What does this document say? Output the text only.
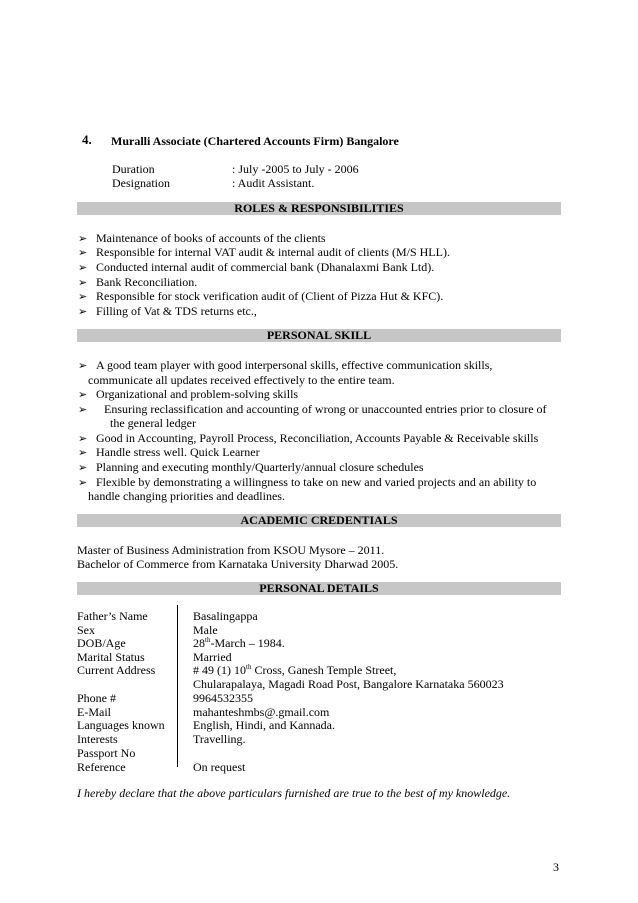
4. Muralli Associate (Chartered Accounts Firm) Bangalore
Duration	: July -2005 to July - 2006
Designation	: Audit Assistant.
ROLES & RESPONSIBILITIES
➢ Maintenance of books of accounts of the clients
➢ Responsible for internal VAT audit & internal audit of clients (M/S HLL).
➢ Conducted internal audit of commercial bank (Dhanalaxmi Bank Ltd).
➢ Bank Reconciliation.
➢ Responsible for stock verification audit of (Client of Pizza Hut & KFC).
➢ Filling of Vat & TDS returns etc.,
PERSONAL SKILL
➢ A good team player with good interpersonal skills, effective communication skills,
communicate all updates received effectively to the entire team.
➢ Organizational and problem-solving skills
➢ Ensuring reclassification and accounting of wrong or unaccounted entries prior to closure of
the general ledger
➢ Good in Accounting, Payroll Process, Reconciliation, Accounts Payable & Receivable skills
➢ Handle stress well. Quick Learner
➢ Planning and executing monthly/Quarterly/annual closure schedules
➢ Flexible by demonstrating a willingness to take on new and varied projects and an ability to
handle changing priorities and deadlines.
ACADEMIC CREDENTIALS
Master of Business Administration from KSOU Mysore – 2011.
Bachelor of Commerce from Karnataka University Dharwad 2005.
PERSONAL DETAILS
Father’s Name	Basalingappa
Sex	Male
DOB/Age	28th-March – 1984.
Marital Status	Married
Current Address	# 49 (1) 10th Cross, Ganesh Temple Street,
Chularapalaya, Magadi Road Post, Bangalore Karnataka 560023
Phone #	9964532355
E-Mail	mahanteshmbs@.gmail.com
Languages known English, Hindi, and Kannada.
Interests	Travelling.
Passport No
Reference	On request
I hereby declare that the above particulars furnished are true to the best of my knowledge.
3
